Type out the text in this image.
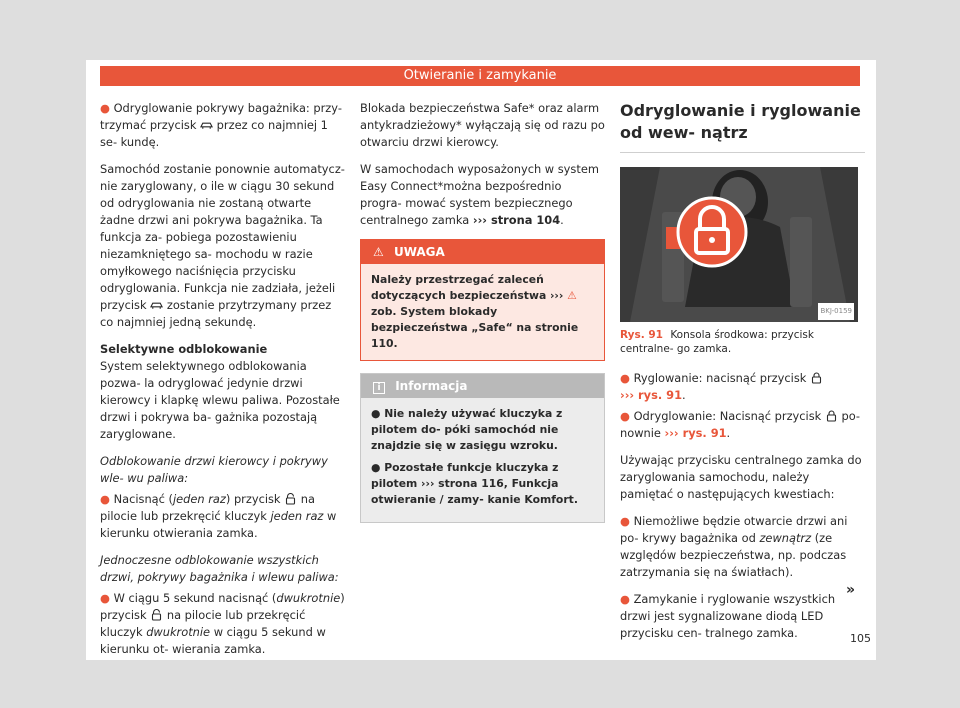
Otwieranie i zamykanie

● Odryglowanie pokrywy bagażnika: przy- trzymać przycisk przez co najmniej 1 se- kundę.

Samochód zostanie ponownie automatycz- nie zaryglowany, o ile w ciągu 30 sekund od odryglowania nie zostaną otwarte żadne drzwi ani pokrywa bagażnika. Ta funkcja za- pobiega pozostawieniu niezamkniętego sa- mochodu w razie omyłkowego naciśnięcia przycisku odryglowania. Funkcja nie zadziała, jeżeli przycisk zostanie przytrzymany przez co najmniej jedną sekundę.

Selektywne odblokowanie

System selektywnego odblokowania pozwa- la odryglować jedynie drzwi kierowcy i klapkę wlewu paliwa. Pozostałe drzwi i pokrywa ba- gażnika pozostają zaryglowane.

Odblokowanie drzwi kierowcy i pokrywy wle- wu paliwa:

● Nacisnąć (jeden raz) przycisk na pilocie lub przekręcić kluczyk jeden raz w kierunku otwierania zamka.

Jednoczesne odblokowanie wszystkich drzwi, pokrywy bagażnika i wlewu paliwa:

● W ciągu 5 sekund nacisnąć (dwukrotnie) przycisk na pilocie lub przekręcić kluczyk dwukrotnie w ciągu 5 sekund w kierunku ot- wierania zamka.

Blokada bezpieczeństwa Safe* oraz alarm antykradzieżowy* wyłączają się od razu po otwarciu drzwi kierowcy.

W samochodach wyposażonych w system Easy Connect*można bezpośrednio progra- mować system bezpiecznego centralnego zamka ››› strona 104.

⚠ UWAGA
Należy przestrzegać zaleceń dotyczących bezpieczeństwa ››› ⚠ zob. System blokady bezpieczeństwa „Safe“ na stronie 110.
i Informacja

● Nie należy używać kluczyka z pilotem do- póki samochód nie znajdzie się w zasięgu wzroku.

● Pozostałe funkcje kluczyka z pilotem ››› strona 116, Funkcja otwieranie / zamy- kanie Komfort.

Odryglowanie i ryglowanie od wew- nątrz
BKJ-0159
Rys. 91 Konsola środkowa: przycisk centralne- go zamka.

● Ryglowanie: nacisnąć przycisk
››› rys. 91.

● Odryglowanie: Nacisnąć przycisk po- nownie ››› rys. 91.

Używając przycisku centralnego zamka do zaryglowania samochodu, należy pamiętać o następujących kwestiach:

● Niemożliwe będzie otwarcie drzwi ani po- krywy bagażnika od zewnątrz (ze względów bezpieczeństwa, np. podczas zatrzymania się na światłach).

● Zamykanie i ryglowanie wszystkich drzwi jest sygnalizowane diodą LED przycisku cen- tralnego zamka.

»
105
